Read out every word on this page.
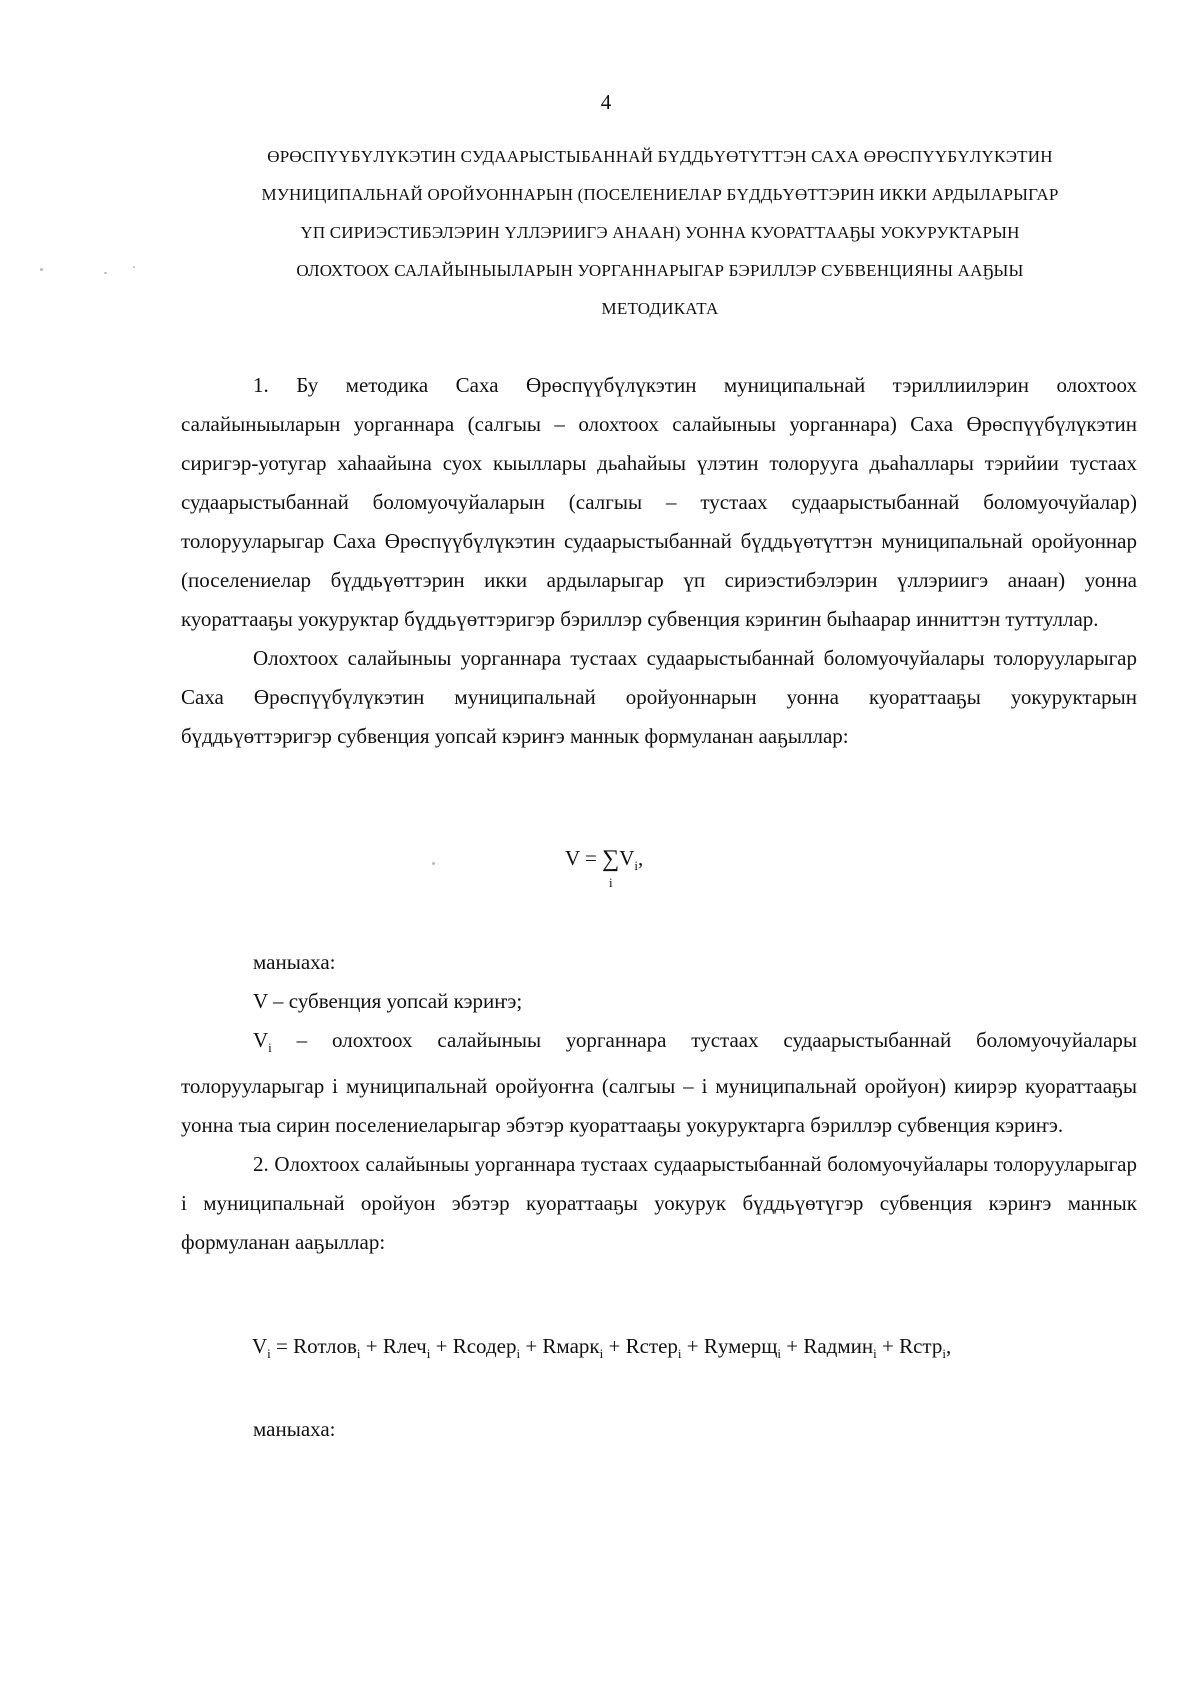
4
ӨРӨСПҮҮБҮЛҮКЭТИН СУДААРЫСТЫБАННАЙ БҮДДЬҮӨТҮТТЭН САХА ӨРӨСПҮҮБҮЛҮКЭТИН
МУНИЦИПАЛЬНАЙ ОРОЙУОННАРЫН (ПОСЕЛЕНИЕЛАР БҮДДЬҮӨТТЭРИН ИККИ АРДЫЛАРЫГАР
ҮП СИРИЭСТИБЭЛЭРИН ҮЛЛЭРИИГЭ АНААН) УОННА КУОРАТТААҔЫ УОКУРУКТАРЫН
ОЛОХТООХ САЛАЙЫНЫЫЛАРЫН УОРГАННАРЫГАР БЭРИЛЛЭР СУБВЕНЦИЯНЫ ААҔЫЫ
МЕТОДИКАТА

1. Бу методика Саха Өрөспүүбүлүкэтин муниципальнай тэриллиилэрин олохтоох салайыныыларын уорганнара (салгыы – олохтоох салайыныы уорганнара) Саха Өрөспүүбүлүкэтин сиригэр-уотугар хаһаайына суох кыыллары дьаһайыы үлэтин толоруугa дьаһаллары тэрийии тустаах судаарыстыбаннай боломуочуйаларын (салгыы – тустаах судаарыстыбаннай боломуочуйалар) толорууларыгар Саха Өрөспүүбүлүкэтин судаарыстыбаннай бүддьүөтүттэн муниципальнай оройуоннар (поселениелар бүддьүөттэрин икки ардыларыгар үп сириэстибэлэрин үллэриигэ анаан) уонна куораттааҕы уокуруктар бүддьүөттэригэр бэриллэр субвенция кэриҥин быһаарар инниттэн туттуллар.

Олохтоох салайыныы уорганнара тустаах судаарыстыбаннай боломуочуйалары толорууларыгар Саха Өрөспүүбүлүкэтин муниципальнай оройуоннарын уонна куораттааҕы уокуруктарын бүддьүөттэригэр субвенция уопсай кэриҥэ маннык формуланан ааҕыллар:

$V = \sum V_i$,
i

маныаха:

V – субвенция уопсай кэриҥэ;

$V_i$ – олохтоох салайыныы уорганнара тустаах судаарыстыбаннай боломуочуйалары толорууларыгар i муниципальнай оройуоҥҥа (салгыы – i муниципальнай оройуон) киирэр куораттааҕы уонна тыа сирин поселениеларыгар эбэтэр куораттааҕы уокуруктарга бэриллэр субвенция кэриҥэ.

2. Олохтоох салайыныы уорганнара тустаах судаарыстыбаннай боломуочуйалары толорууларыгар i муниципальнай оройуон эбэтэр куораттааҕы уокурук бүддьүөтүгэр субвенция кэриҥэ маннык формуланан ааҕыллар:

$V_i$ = Rотлов$_i$ + Rлеч$_i$ + Rсодер$_i$ + Rмарк$_i$ + Rстер$_i$ + Rумерщ$_i$ + Rадмин$_i$ + Rстр$_i$,

маныаха:
